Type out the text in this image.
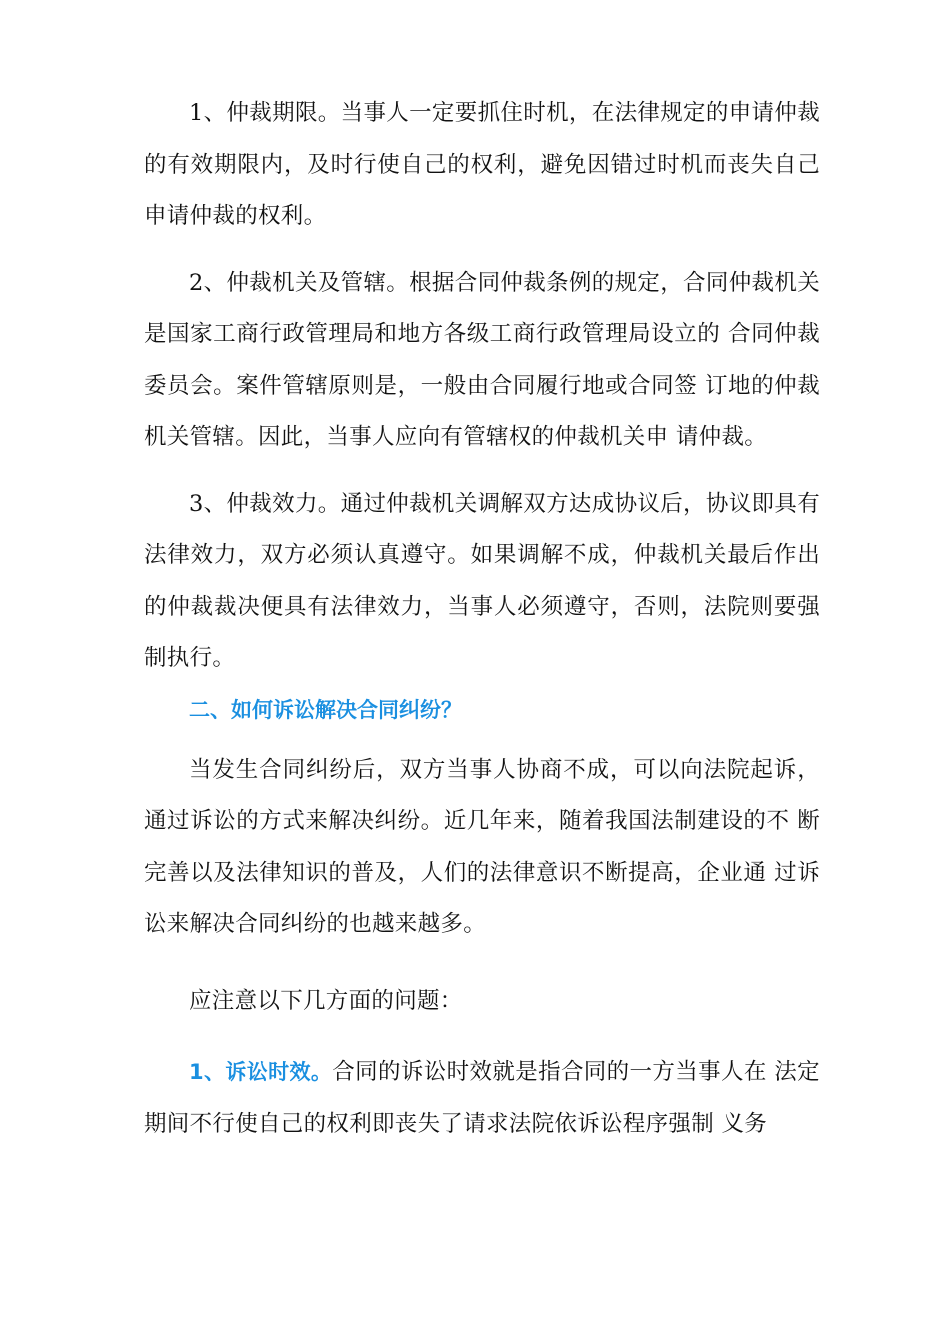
1、仲裁期限。当事人一定要抓住时机，在法律规定的申请仲裁的有效期限内，及时行使自己的权利，避免因错过时机而丧失自己申请仲裁的权利。

2、仲裁机关及管辖。根据合同仲裁条例的规定，合同仲裁机关是国家工商行政管理局和地方各级工商行政管理局设立的 合同仲裁委员会。案件管辖原则是，一般由合同履行地或合同签 订地的仲裁机关管辖。因此，当事人应向有管辖权的仲裁机关申 请仲裁。

3、仲裁效力。通过仲裁机关调解双方达成协议后，协议即具有法律效力，双方必须认真遵守。如果调解不成，仲裁机关最后作出的仲裁裁决便具有法律效力，当事人必须遵守，否则，法院则要强制执行。

二、如何诉讼解决合同纠纷？

当发生合同纠纷后，双方当事人协商不成，可以向法院起诉， 通过诉讼的方式来解决纠纷。近几年来，随着我国法制建设的不 断完善以及法律知识的普及，人们的法律意识不断提高，企业通 过诉讼来解决合同纠纷的也越来越多。

应注意以下几方面的问题：

1、诉讼时效。合同的诉讼时效就是指合同的一方当事人在 法定期间不行使自己的权利即丧失了请求法院依诉讼程序强制 义务
